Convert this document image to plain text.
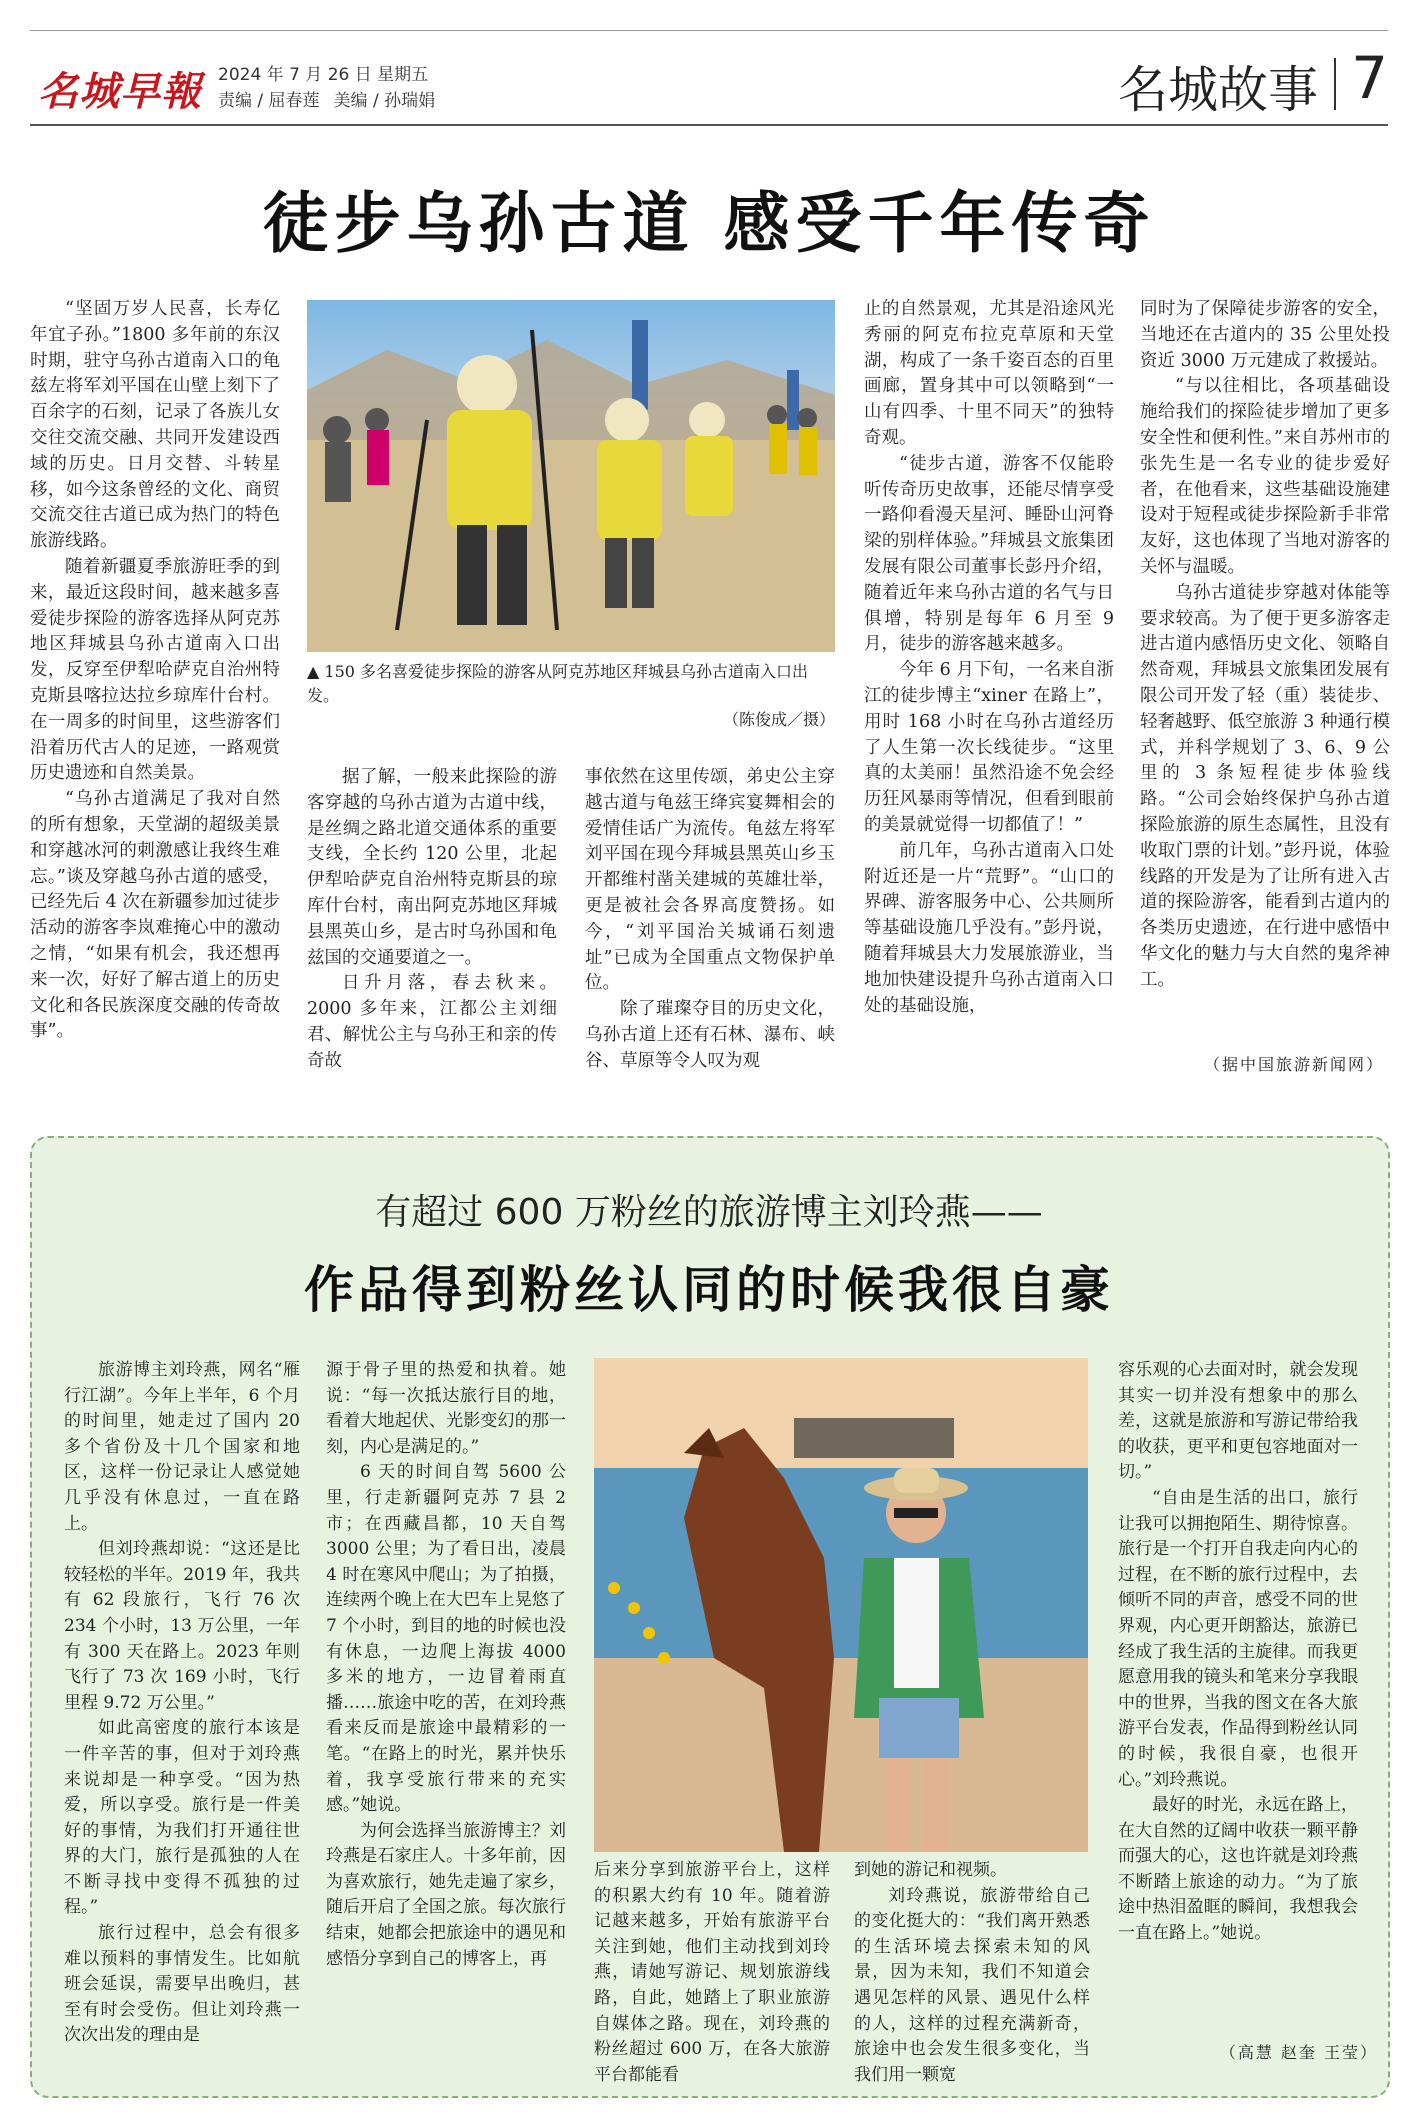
名城早報 2024 年 7 月 26 日 星期五
责编 / 屈春莲 美编 / 孙瑞娟	名城故事 7
徒步乌孙古道 感受千年传奇

“坚固万岁人民喜，长寿亿年宜子孙。”1800 多年前的东汉时期，驻守乌孙古道南入口的龟兹左将军刘平国在山壁上刻下了百余字的石刻，记录了各族儿女交往交流交融、共同开发建设西域的历史。日月交替、斗转星移，如今这条曾经的文化、商贸交流交往古道已成为热门的特色旅游线路。

随着新疆夏季旅游旺季的到来，最近这段时间，越来越多喜爱徒步探险的游客选择从阿克苏地区拜城县乌孙古道南入口出发，反穿至伊犁哈萨克自治州特克斯县喀拉达拉乡琼库什台村。在一周多的时间里，这些游客们沿着历代古人的足迹，一路观赏历史遗迹和自然美景。

“乌孙古道满足了我对自然的所有想象，天堂湖的超级美景和穿越冰河的刺激感让我终生难忘。”谈及穿越乌孙古道的感受，已经先后 4 次在新疆参加过徒步活动的游客李岚难掩心中的激动之情，“如果有机会，我还想再来一次，好好了解古道上的历史文化和各民族深度交融的传奇故事”。

▲ 150 多名喜爱徒步探险的游客从阿克苏地区拜城县乌孙古道南入口出发。
（陈俊成／摄）

据了解，一般来此探险的游客穿越的乌孙古道为古道中线，是丝绸之路北道交通体系的重要支线，全长约 120 公里，北起伊犁哈萨克自治州特克斯县的琼库什台村，南出阿克苏地区拜城县黑英山乡，是古时乌孙国和龟兹国的交通要道之一。

日升月落，春去秋来。2000 多年来，江都公主刘细君、解忧公主与乌孙王和亲的传奇故

事依然在这里传颂，弟史公主穿越古道与龟兹王绛宾宴舞相会的爱情佳话广为流传。龟兹左将军刘平国在现今拜城县黑英山乡玉开都维村凿关建城的英雄壮举，更是被社会各界高度赞扬。如今，“刘平国治关城诵石刻遗址”已成为全国重点文物保护单位。

除了璀璨夺目的历史文化，乌孙古道上还有石林、瀑布、峡谷、草原等令人叹为观

止的自然景观，尤其是沿途风光秀丽的阿克布拉克草原和天堂湖，构成了一条千姿百态的百里画廊，置身其中可以领略到“一山有四季、十里不同天”的独特奇观。

“徒步古道，游客不仅能聆听传奇历史故事，还能尽情享受一路仰看漫天星河、睡卧山河脊梁的别样体验。”拜城县文旅集团发展有限公司董事长彭丹介绍，随着近年来乌孙古道的名气与日俱增，特别是每年 6 月至 9 月，徒步的游客越来越多。

今年 6 月下旬，一名来自浙江的徒步博主“xiner 在路上”，用时 168 小时在乌孙古道经历了人生第一次长线徒步。“这里真的太美丽！虽然沿途不免会经历狂风暴雨等情况，但看到眼前的美景就觉得一切都值了！”

前几年，乌孙古道南入口处附近还是一片“荒野”。“山口的界碑、游客服务中心、公共厕所等基础设施几乎没有。”彭丹说，随着拜城县大力发展旅游业，当地加快建设提升乌孙古道南入口处的基础设施，

同时为了保障徒步游客的安全，当地还在古道内的 35 公里处投资近 3000 万元建成了救援站。

“与以往相比，各项基础设施给我们的探险徒步增加了更多安全性和便利性。”来自苏州市的张先生是一名专业的徒步爱好者，在他看来，这些基础设施建设对于短程或徒步探险新手非常友好，这也体现了当地对游客的关怀与温暖。

乌孙古道徒步穿越对体能等要求较高。为了便于更多游客走进古道内感悟历史文化、领略自然奇观，拜城县文旅集团发展有限公司开发了轻（重）装徒步、轻奢越野、低空旅游 3 种通行模式，并科学规划了 3、6、9 公里的 3 条短程徒步体验线路。“公司会始终保护乌孙古道探险旅游的原生态属性，且没有收取门票的计划。”彭丹说，体验线路的开发是为了让所有进入古道的探险游客，能看到古道内的各类历史遗迹，在行进中感悟中华文化的魅力与大自然的鬼斧神工。

（据中国旅游新闻网）
有超过 600 万粉丝的旅游博主刘玲燕——
作品得到粉丝认同的时候我很自豪

旅游博主刘玲燕，网名“雁行江湖”。今年上半年，6 个月的时间里，她走过了国内 20 多个省份及十几个国家和地区，这样一份记录让人感觉她几乎没有休息过，一直在路上。

但刘玲燕却说：“这还是比较轻松的半年。2019 年，我共有 62 段旅行，飞行 76 次 234 个小时，13 万公里，一年有 300 天在路上。2023 年则飞行了 73 次 169 小时，飞行里程 9.72 万公里。”

如此高密度的旅行本该是一件辛苦的事，但对于刘玲燕来说却是一种享受。“因为热爱，所以享受。旅行是一件美好的事情，为我们打开通往世界的大门，旅行是孤独的人在不断寻找中变得不孤独的过程。”

旅行过程中，总会有很多难以预料的事情发生。比如航班会延误，需要早出晚归，甚至有时会受伤。但让刘玲燕一次次出发的理由是

源于骨子里的热爱和执着。她说：“每一次抵达旅行目的地，看着大地起伏、光影变幻的那一刻，内心是满足的。”

6 天的时间自驾 5600 公里，行走新疆阿克苏 7 县 2 市；在西藏昌都，10 天自驾 3000 公里；为了看日出，凌晨 4 时在寒风中爬山；为了拍摄，连续两个晚上在大巴车上晃悠了 7 个小时，到目的地的时候也没有休息，一边爬上海拔 4000 多米的地方，一边冒着雨直播……旅途中吃的苦，在刘玲燕看来反而是旅途中最精彩的一笔。“在路上的时光，累并快乐着，我享受旅行带来的充实感。”她说。

为何会选择当旅游博主？刘玲燕是石家庄人。十多年前，因为喜欢旅行，她先走遍了家乡，随后开启了全国之旅。每次旅行结束，她都会把旅途中的遇见和感悟分享到自己的博客上，再

后来分享到旅游平台上，这样的积累大约有 10 年。随着游记越来越多，开始有旅游平台关注到她，他们主动找到刘玲燕，请她写游记、规划旅游线路，自此，她踏上了职业旅游自媒体之路。现在，刘玲燕的粉丝超过 600 万，在各大旅游平台都能看

到她的游记和视频。

刘玲燕说，旅游带给自己的变化挺大的：“我们离开熟悉的生活环境去探索未知的风景，因为未知，我们不知道会遇见怎样的风景、遇见什么样的人，这样的过程充满新奇，旅途中也会发生很多变化，当我们用一颗宽

容乐观的心去面对时，就会发现其实一切并没有想象中的那么差，这就是旅游和写游记带给我的收获，更平和更包容地面对一切。”

“自由是生活的出口，旅行让我可以拥抱陌生、期待惊喜。旅行是一个打开自我走向内心的过程，在不断的旅行过程中，去倾听不同的声音，感受不同的世界观，内心更开朗豁达，旅游已经成了我生活的主旋律。而我更愿意用我的镜头和笔来分享我眼中的世界，当我的图文在各大旅游平台发表，作品得到粉丝认同的时候，我很自豪，也很开心。”刘玲燕说。

最好的时光，永远在路上，在大自然的辽阔中收获一颗平静而强大的心，这也许就是刘玲燕不断踏上旅途的动力。“为了旅途中热泪盈眶的瞬间，我想我会一直在路上。”她说。

（高慧 赵奎 王莹）
